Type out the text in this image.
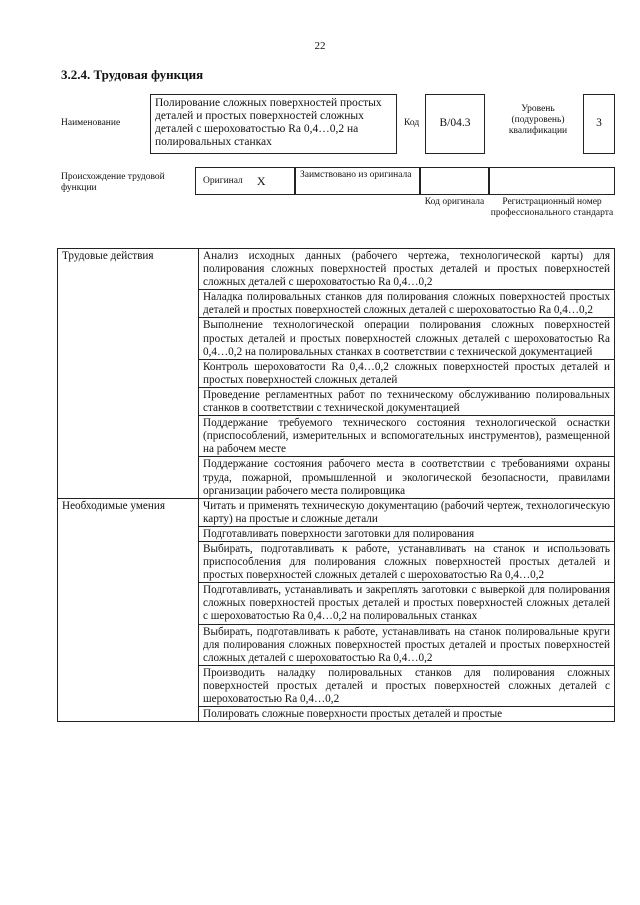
22
3.2.4. Трудовая функция
Наименование
Полирование сложных поверхностей простых деталей и простых поверхностей сложных деталей с шероховатостью Ra 0,4…0,2 на полировальных станках
Код	В/04.3
Уровень (подуровень) квалификации
3
Происхождение трудовой функции
Оригинал X	Заимствовано из оригинала
Код оригинала	Регистрационный номер профессионального стандарта
Трудовые действия	Анализ исходных данных (рабочего чертежа, технологической карты) для полирования сложных поверхностей простых деталей и простых поверхностей сложных деталей с шероховатостью Ra 0,4…0,2
	Наладка полировальных станков для полирования сложных поверхностей простых деталей и простых поверхностей сложных деталей с шероховатостью Ra 0,4…0,2
	Выполнение технологической операции полирования сложных поверхностей простых деталей и простых поверхностей сложных деталей с шероховатостью Ra 0,4…0,2 на полировальных станках в соответствии с технической документацией
	Контроль шероховатости Ra 0,4…0,2 сложных поверхностей простых деталей и простых поверхностей сложных деталей
	Проведение регламентных работ по техническому обслуживанию полировальных станков в соответствии с технической документацией
	Поддержание требуемого технического состояния технологической оснастки (приспособлений, измерительных и вспомогательных инструментов), размещенной на рабочем месте
	Поддержание состояния рабочего места в соответствии с требованиями охраны труда, пожарной, промышленной и экологической безопасности, правилами организации рабочего места полировщика
Необходимые умения	Читать и применять техническую документацию (рабочий чертеж, технологическую карту) на простые и сложные детали
	Подготавливать поверхности заготовки для полирования
	Выбирать, подготавливать к работе, устанавливать на станок и использовать приспособления для полирования сложных поверхностей простых деталей и простых поверхностей сложных деталей с шероховатостью Ra 0,4…0,2
	Подготавливать, устанавливать и закреплять заготовки с выверкой для полирования сложных поверхностей простых деталей и простых поверхностей сложных деталей с шероховатостью Ra 0,4…0,2 на полировальных станках
	Выбирать, подготавливать к работе, устанавливать на станок полировальные круги для полирования сложных поверхностей простых деталей и простых поверхностей сложных деталей с шероховатостью Ra 0,4…0,2
	Производить наладку полировальных станков для полирования сложных поверхностей простых деталей и простых поверхностей сложных деталей с шероховатостью Ra 0,4…0,2
	Полировать сложные поверхности простых деталей и простые
